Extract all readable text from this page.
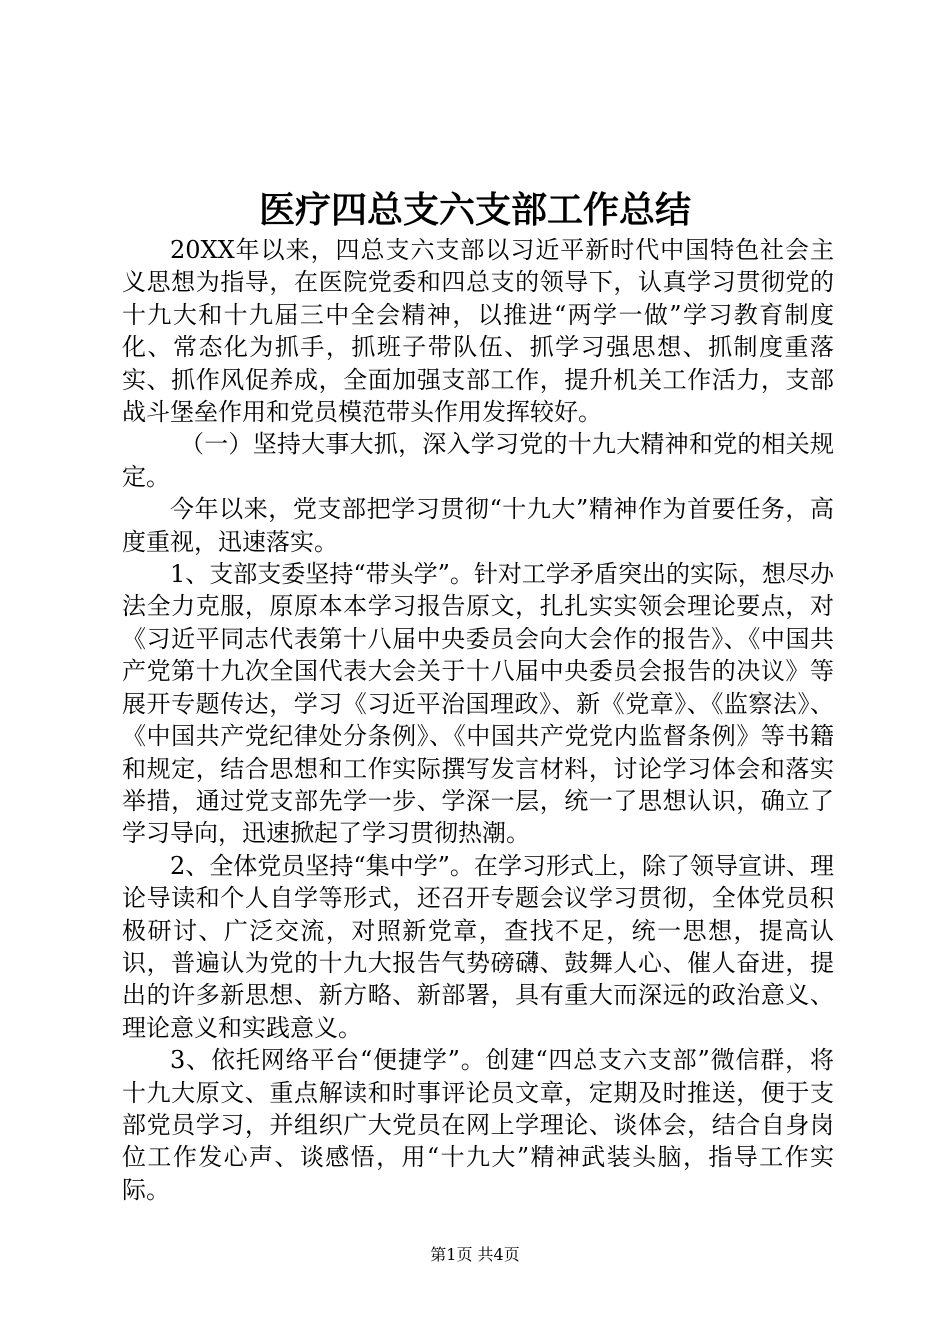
医疗四总支六支部工作总结

20XX年以来，四总支六支部以习近平新时代中国特色社会主义思想为指导，在医院党委和四总支的领导下，认真学习贯彻党的十九大和十九届三中全会精神，以推进“两学一做”学习教育制度化、常态化为抓手，抓班子带队伍、抓学习强思想、抓制度重落实、抓作风促养成，全面加强支部工作，提升机关工作活力，支部战斗堡垒作用和党员模范带头作用发挥较好。

（一）坚持大事大抓，深入学习党的十九大精神和党的相关规定。

今年以来，党支部把学习贯彻“十九大”精神作为首要任务，高度重视，迅速落实。

1、支部支委坚持“带头学”。针对工学矛盾突出的实际，想尽办法全力克服，原原本本学习报告原文，扎扎实实领会理论要点，对《习近平同志代表第十八届中央委员会向大会作的报告》、《中国共产党第十九次全国代表大会关于十八届中央委员会报告的决议》等展开专题传达，学习《习近平治国理政》、新《党章》、《监察法》、《中国共产党纪律处分条例》、《中国共产党党内监督条例》等书籍和规定，结合思想和工作实际撰写发言材料，讨论学习体会和落实举措，通过党支部先学一步、学深一层，统一了思想认识，确立了学习导向，迅速掀起了学习贯彻热潮。

2、全体党员坚持“集中学”。在学习形式上，除了领导宣讲、理论导读和个人自学等形式，还召开专题会议学习贯彻，全体党员积极研讨、广泛交流，对照新党章，查找不足，统一思想，提高认识，普遍认为党的十九大报告气势磅礴、鼓舞人心、催人奋进，提出的许多新思想、新方略、新部署，具有重大而深远的政治意义、理论意义和实践意义。

3、依托网络平台“便捷学”。创建“四总支六支部”微信群，将十九大原文、重点解读和时事评论员文章，定期及时推送，便于支部党员学习，并组织广大党员在网上学理论、谈体会，结合自身岗位工作发心声、谈感悟，用“十九大”精神武装头脑，指导工作实际。

第1页 共4页
